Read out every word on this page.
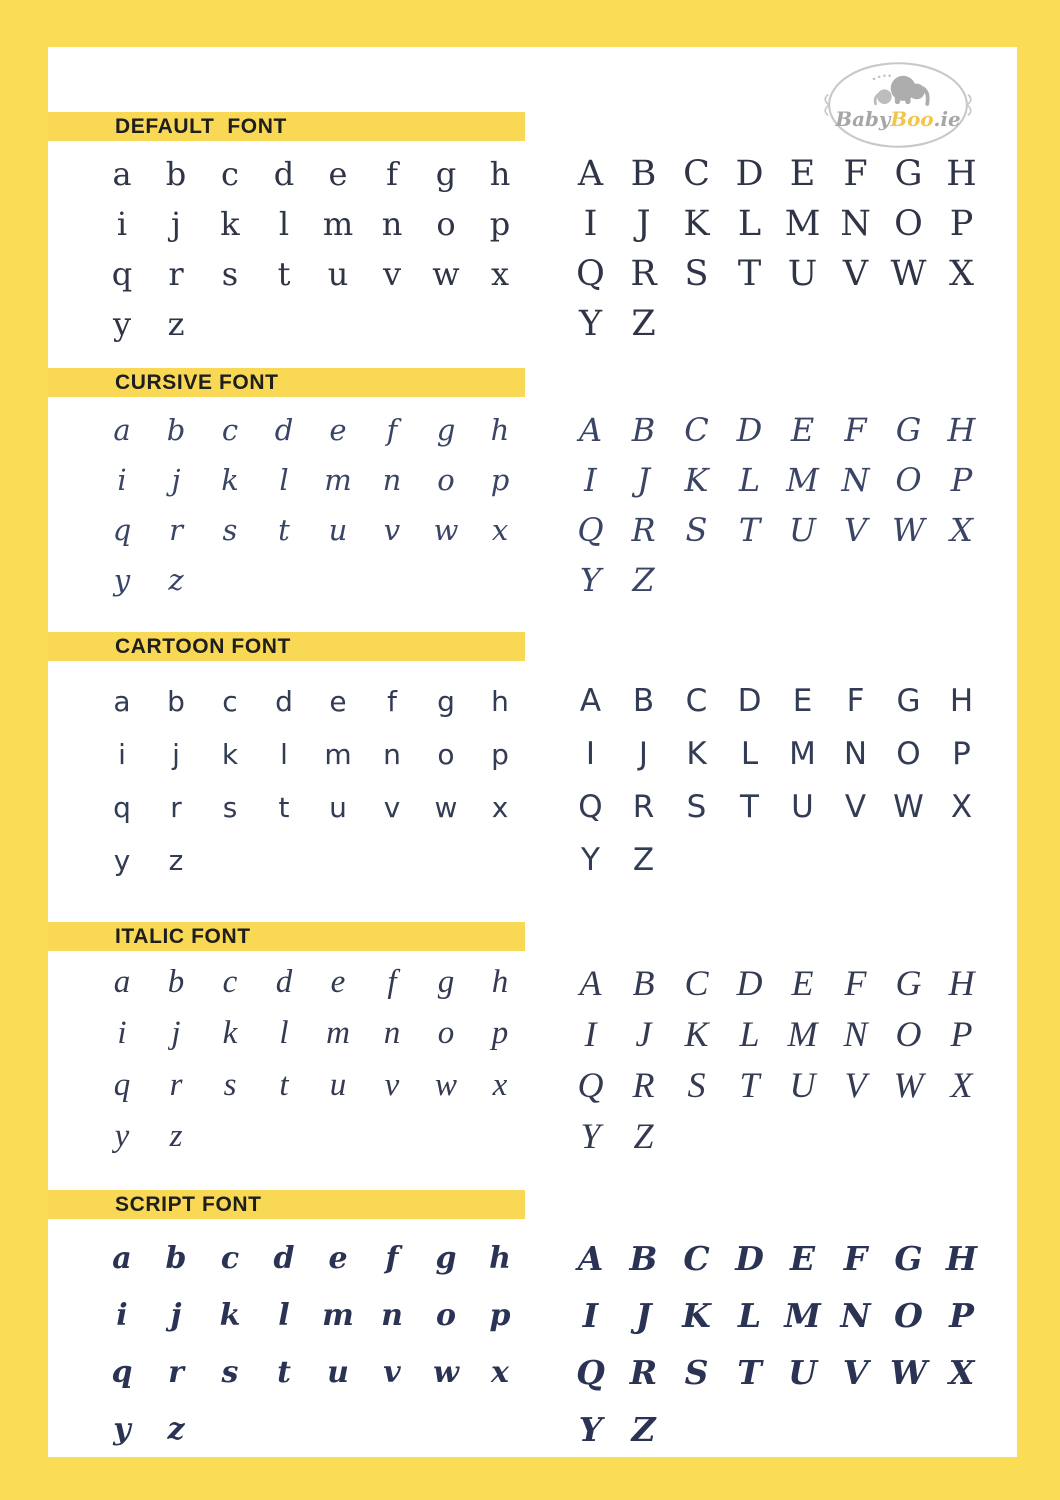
BabyBoo.ie
DEFAULT  FONT
a	b	c	d	e	f	g	h
i	j	k	l	m n	o	p
q	r	s	t	u	v w x
y	z
A B C D E F G H
I	J K L M N O P
Q R S T U V W X
Y Z
CURSIVE FONT
a	b	c	d	e	f	g	h
i	j	k	l	m	n	o	p
q	r	s	t	u	v	w	x
y	z
A B C D E F G H
I	J	K L M N O P
Q R S T U V W X
Y Z
CARTOON FONT
a	b	c	d	e	f	g	h
i	j	k	l	m	n	o	p
q	r	s	t	u	v	w	x
y	z
A	B	C D	E	F	G H
I	J	K	L M N O	P
Q R	S	T	U	V W X
Y	Z
ITALIC FONT
a	b	c	d	e	f	g	h
i	j	k	l	m	n	o	p
q	r	s	t	u	v	w	x
y	z
A B C D E F G H
I	J K L M N O P
Q R S T U V W X
Y Z
SCRIPT FONT
a	b	c	d	e	f	g	h
i	j	k	l	m n	o	p
q	r	s	t	u	v	w	x
y	z
A B C D E F G H
I	J K L M N O P
Q R S T U V W X
Y Z
